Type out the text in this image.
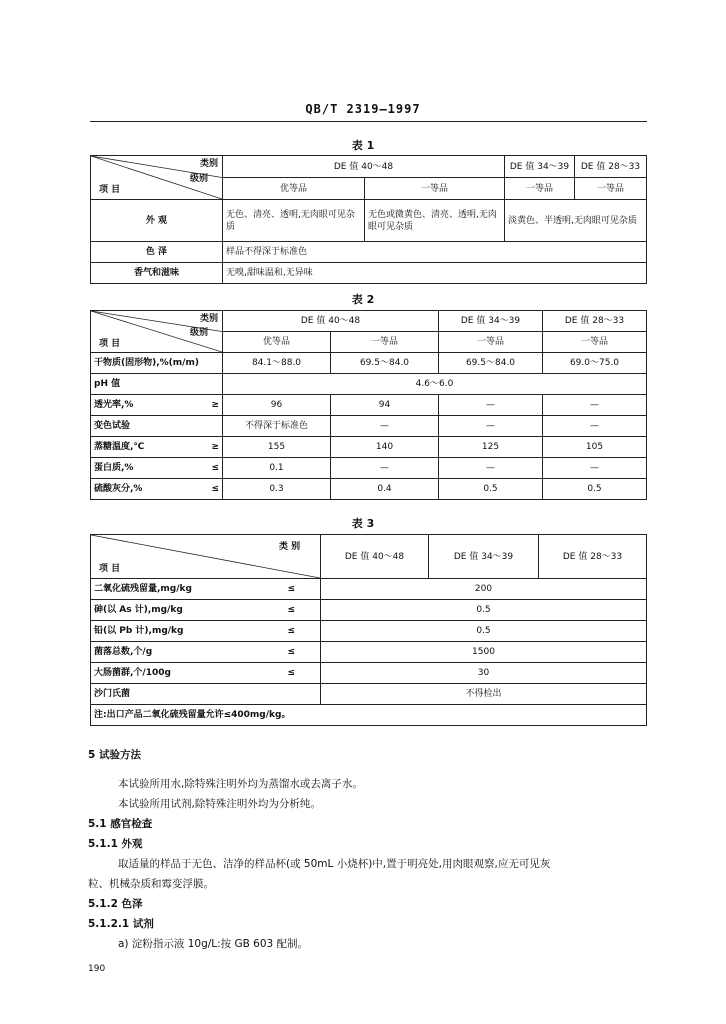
QB/T 2319—1997
表 1
类别
级别
项 目	DE 值 40～48		DE 值 34～39	DE 值 28～33
	优等品	一等品	一等品	一等品
外 观	无色、清亮、透明,无肉眼可见杂质	无色或微黄色、清亮、透明,无肉眼可见杂质	淡黄色、半透明,无肉眼可见杂质	
色 泽	样品不得深于标准色			
香气和滋味	无嗅,甜味温和,无异味			
表 2
类别
级别
项 目	DE 值 40～48		DE 值 34～39	DE 值 28～33
	优等品	一等品	一等品	一等品
干物质(固形物),%(m/m)	84.1～88.0	69.5～84.0	69.5～84.0	69.0～75.0
pH 值	4.6～6.0			
透光率,% ≥	96	94	—	—
变色试验	不得深于标准色	—	—	—
蒸糖温度,℃ ≥	155	140	125	105
蛋白质,% ≤	0.1	—	—	—
硫酸灰分,% ≤	0.3	0.4	0.5	0.5
表 3
类 别
项 目	DE 值 40～48	DE 值 34～39	DE 值 28～33
二氧化硫残留量,mg/kg ≤	200		
砷(以 As 计),mg/kg ≤	0.5		
铅(以 Pb 计),mg/kg ≤	0.5		
菌落总数,个/g ≤	1500		
大肠菌群,个/100g ≤	30		
沙门氏菌	不得检出		
注:出口产品二氧化硫残留量允许≤400mg/kg。			
5 试验方法
本试验所用水,除特殊注明外均为蒸馏水或去离子水。
本试验所用试剂,除特殊注明外均为分析纯。
5.1 感官检查
5.1.1 外观
取适量的样品于无色、洁净的样品杯(或 50mL 小烧杯)中,置于明亮处,用肉眼观察,应无可见灰
粒、机械杂质和霉变浮膜。
5.1.2 色泽
5.1.2.1 试剂
a) 淀粉指示液 10g/L:按 GB 603 配制。
190
